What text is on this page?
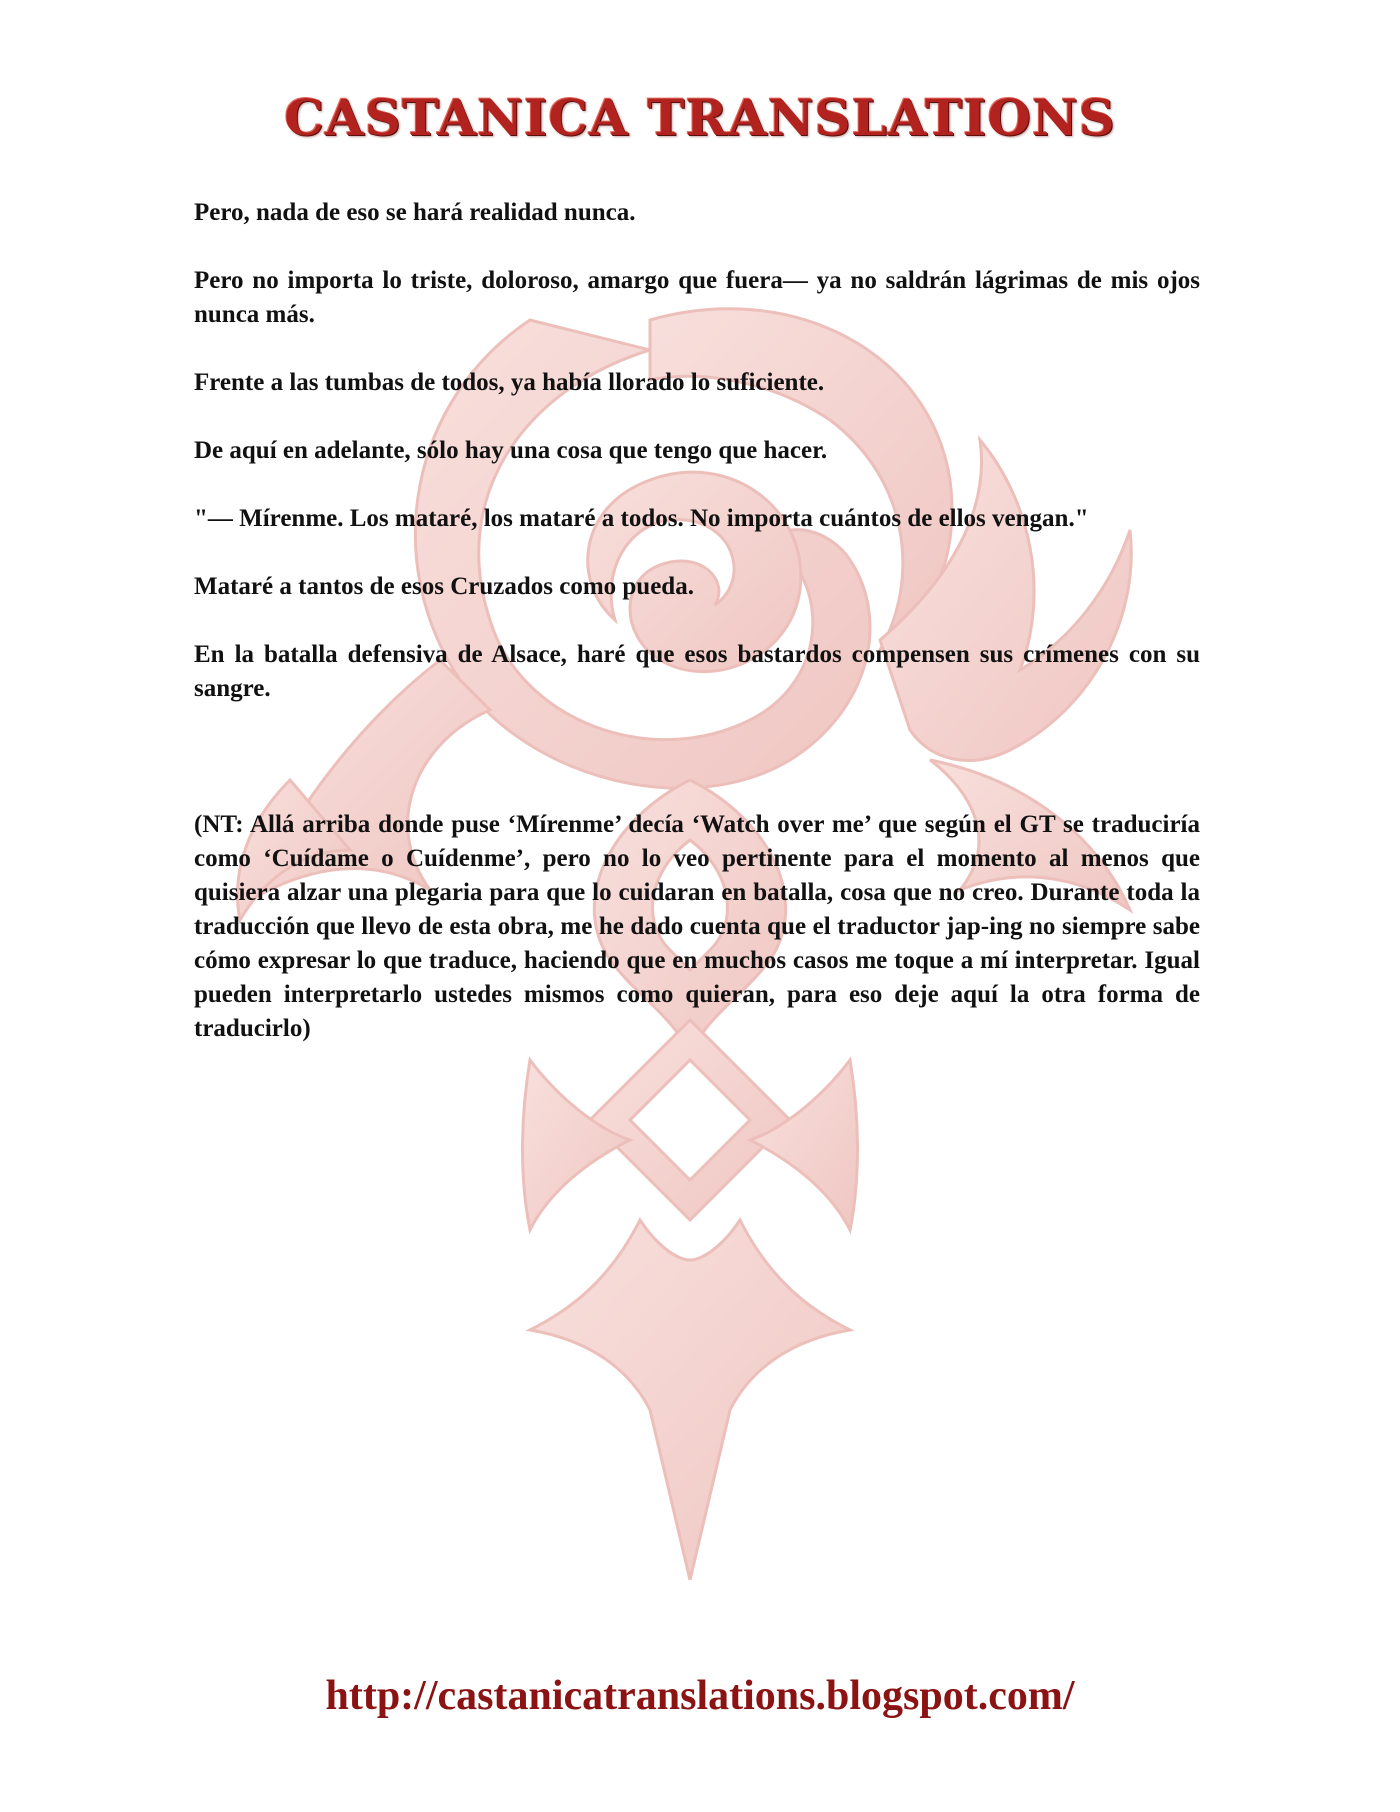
CASTANICA TRANSLATIONS

Pero, nada de eso se hará realidad nunca.

Pero no importa lo triste, doloroso, amargo que fuera— ya no saldrán lágrimas de mis ojos nunca más.

Frente a las tumbas de todos, ya había llorado lo suficiente.

De aquí en adelante, sólo hay una cosa que tengo que hacer.

"— Mírenme. Los mataré, los mataré a todos. No importa cuántos de ellos vengan."

Mataré a tantos de esos Cruzados como pueda.

En la batalla defensiva de Alsace, haré que esos bastardos compensen sus crímenes con su sangre.

(NT: Allá arriba donde puse ‘Mírenme’ decía ‘Watch over me’ que según el GT se traduciría como ‘Cuídame o Cuídenme’, pero no lo veo pertinente para el momento al menos que quisiera alzar una plegaria para que lo cuidaran en batalla, cosa que no creo. Durante toda la traducción que llevo de esta obra, me he dado cuenta que el traductor jap-ing no siempre sabe cómo expresar lo que traduce, haciendo que en muchos casos me toque a mí interpretar. Igual pueden interpretarlo ustedes mismos como quieran, para eso deje aquí la otra forma de traducirlo)

http://castanicatranslations.blogspot.com/
